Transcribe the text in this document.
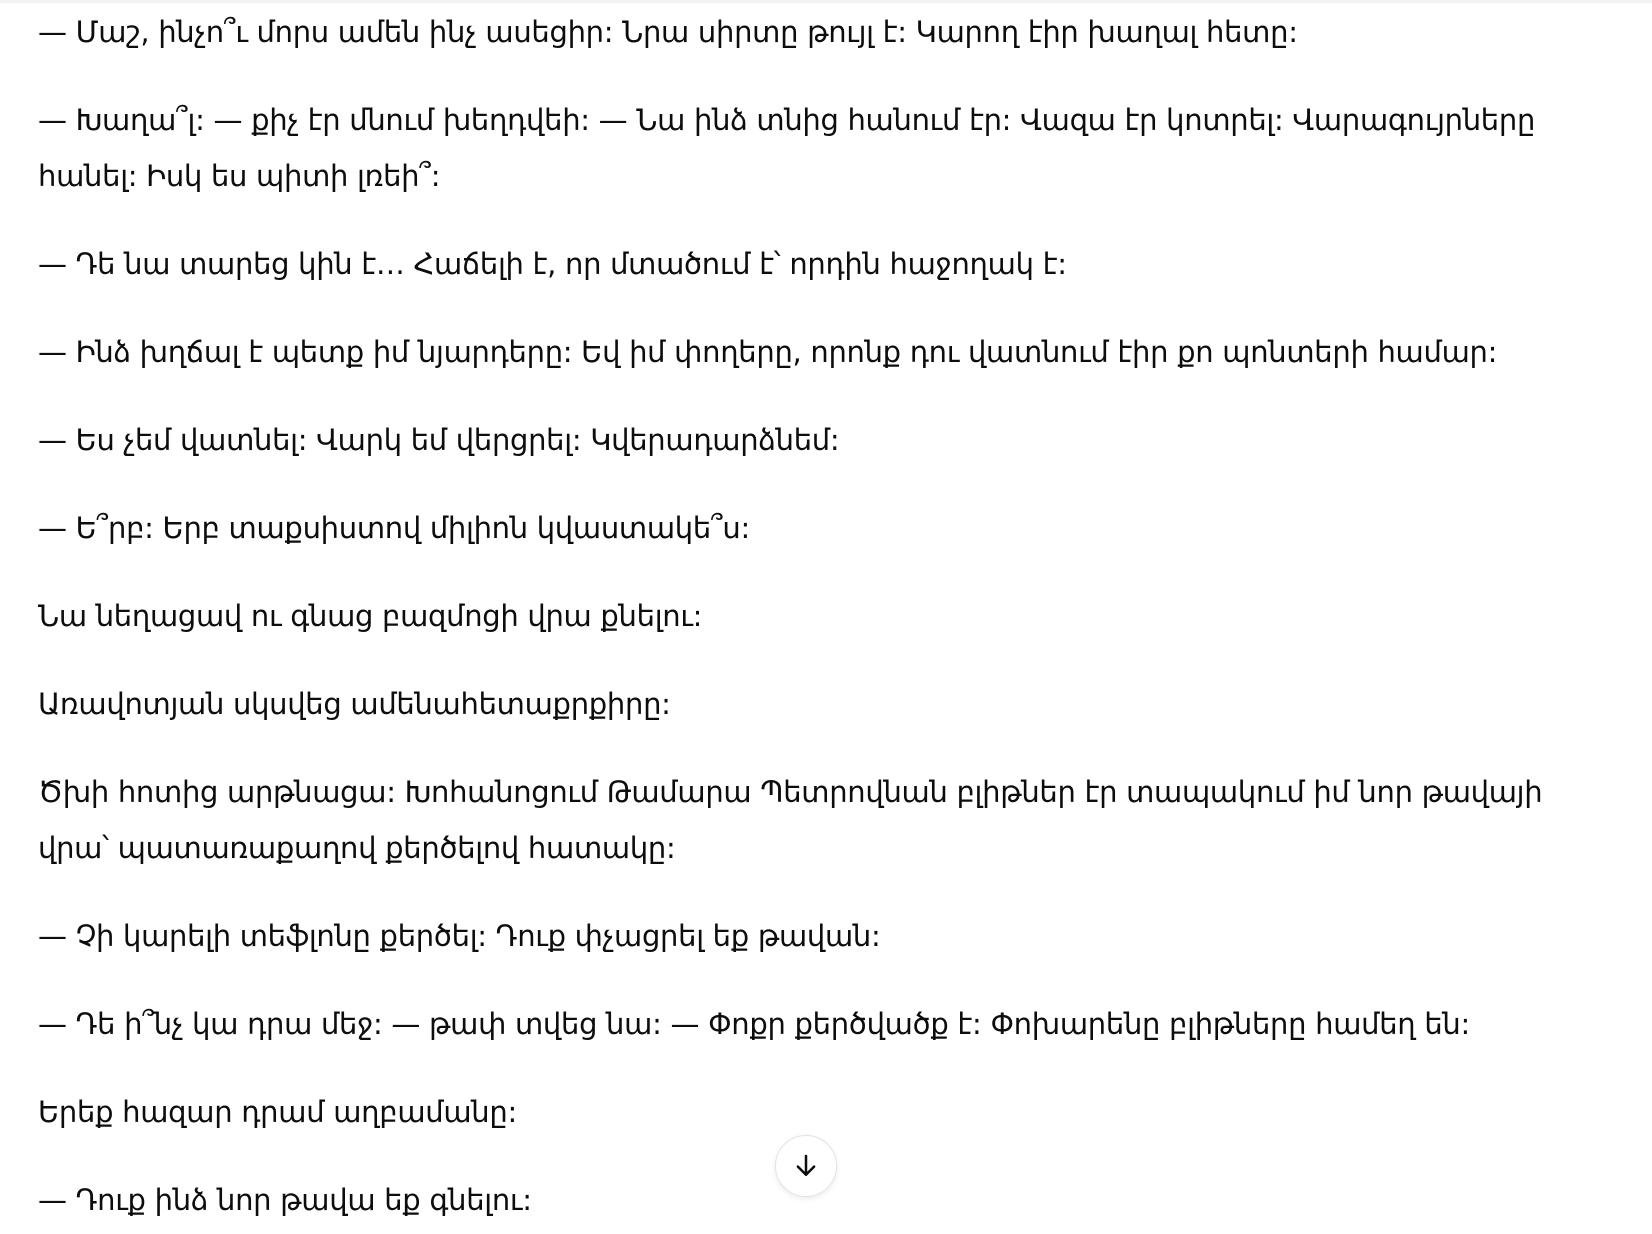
— Մաշ, ինչո՞ւ մորս ամեն ինչ ասեցիր: Նրա սիրտը թույլ է: Կարող էիր խաղալ հետը:

— Խաղա՞լ: — քիչ էր մնում խեղդվեի: — Նա ինձ տնից հանում էր: Վազա էր կոտրել: Վարագույրները հանել: Իսկ ես պիտի լռեի՞:

— Դե նա տարեց կին է… Հաճելի է, որ մտածում է՝ որդին հաջողակ է:

— Ինձ խղճալ է պետք իմ նյարդերը: Եվ իմ փողերը, որոնք դու վատնում էիր քո պոնտերի համար:

— Ես չեմ վատնել: Վարկ եմ վերցրել: Կվերադարձնեմ:

— Ե՞րբ: Երբ տաքսիստով միլիոն կվաստակե՞ս:

Նա նեղացավ ու գնաց բազմոցի վրա քնելու:

Առավոտյան սկսվեց ամենահետաքրքիրը:

Ծխի հոտից արթնացա: Խոհանոցում Թամարա Պետրովնան բլիթներ էր տապակում իմ նոր թավայի վրա՝ պատառաքաղով քերծելով հատակը:

— Չի կարելի տեֆլոնը քերծել: Դուք փչացրել եք թավան:

— Դե ի՞նչ կա դրա մեջ: — թափ տվեց նա: — Փոքր քերծվածք է: Փոխարենը բլիթները համեղ են:

Երեք հազար դրամ աղբամանը:

— Դուք ինձ նոր թավա եք գնելու:
